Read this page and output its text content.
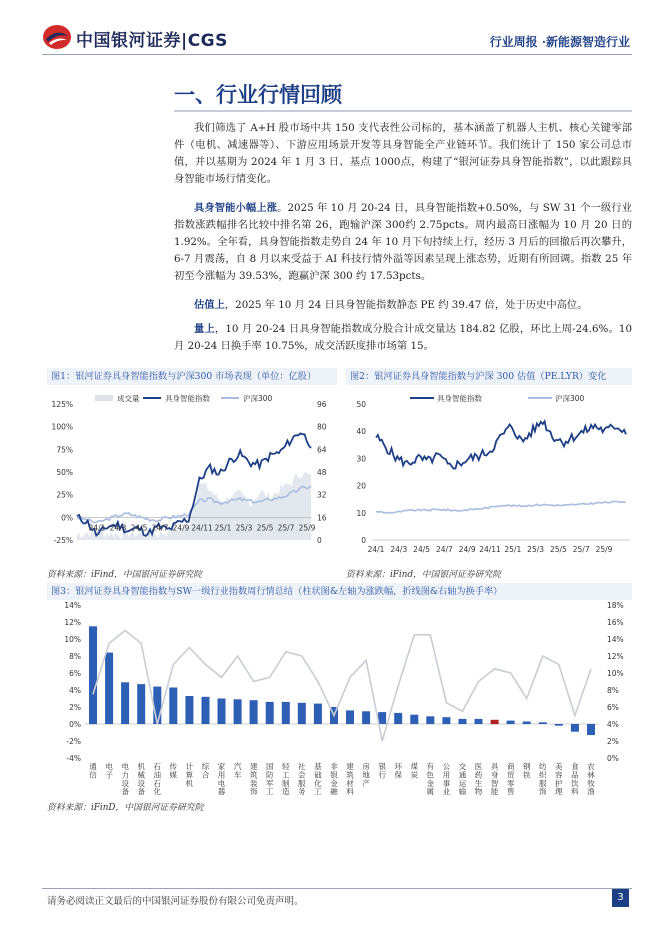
中国银河证券|CGS	行业周报 ·新能源智造行业
一、行业行情回顾

我们筛选了 A+H 股市场中共 150 支代表性公司标的，基本涵盖了机器人主机、核心关键零部件（电机、减速器等）、下游应用场景开发等具身智能全产业链环节。我们统计了 150 家公司总市值，并以基期为 2024 年 1 月 3 日、基点 1000点，构建了“银河证券具身智能指数”，以此跟踪具身智能市场行情变化。

具身智能小幅上涨。2025 年 10 月 20-24 日，具身智能指数+0.50%，与 SW 31 个一级行业指数涨跌幅排名比较中排名第 26，跑输沪深 300约 2.75pcts。周内最高日涨幅为 10 月 20 日的 1.92%。全年看，具身智能指数走势自 24 年 10 月下旬持续上行，经历 3 月后的回撤后再次攀升，6-7 月震荡，自 8 月以来受益于 AI 科技行情外溢等因素呈现上涨态势，近期有所回调。指数 25 年初至今涨幅为 39.53%，跑赢沪深 300 约 17.53pcts。

估值上，2025 年 10 月 24 日具身智能指数静态 PE 约 39.47 倍，处于历史中高位。

量上，10 月 20-24 日具身智能指数成分股合计成交量达 184.82 亿股，环比上周-24.6%。10 月 20-24 日换手率 10.75%，成交活跃度排市场第 15。

图1：银河证券具身智能指数与沪深300 市场表现（单位：亿股）
成交量	具身智能指数	沪深300
125%
100%
75%
50%
25%
0%
-25%
96
80
64
48
32
16
0
24/1 24/3 24/5 24/7 24/9 24/11 25/1 25/3 25/5 25/7 25/9
资料来源：iFind，中国银河证券研究院
图2：银河证券具身智能指数与沪深 300 估值（PE.LYR）变化
具身智能指数	沪深300
50
40
30
20
10
0
24/1 24/3 24/5 24/7 24/9 24/11 25/1 25/3 25/5 25/7 25/9
资料来源：iFind，中国银河证券研究院
图3：银河证券具身智能指数与SW一级行业指数周行情总结（柱状图&左轴为涨跌幅，折线图&右轴为换手率）
14%
12%
10%
8%
6%
4%
2%
0%
-2%
-4%
18%
16%
14%
12%
10%
8%
6%
4%
2%
0%
通信
电子
电力设备
机械设备
石油石化
传媒
计算机
综合
家用电器
汽车
建筑装饰
国防军工
轻工制造
社会服务
基础化工
非银金融
建筑材料
房地产
银行
环保
煤炭
有色金属
公用事业
交通运输
医药生物
具身智能
商贸零售
钢铁
纺织服饰
美容护理
食品饮料
农林牧渔
资料来源：iFinD，中国银河证券研究院
请务必阅读正文最后的中国银河证券股份有限公司免责声明。	3
